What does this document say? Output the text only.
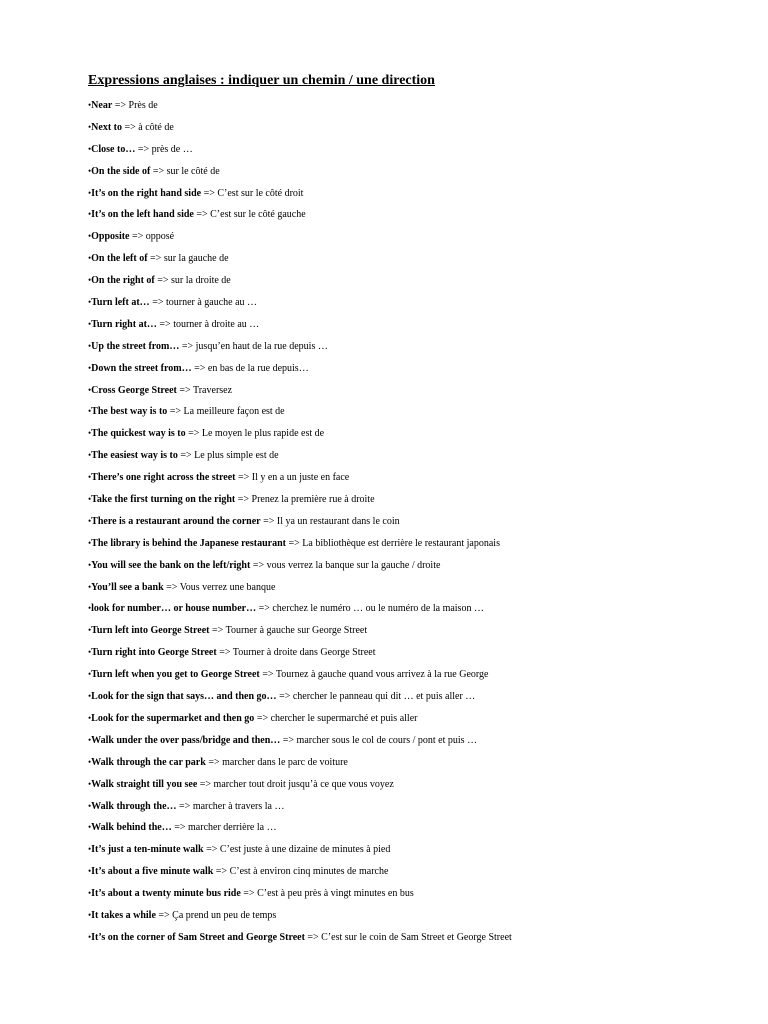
Expressions anglaises : indiquer un chemin / une direction
•Near => Près de
•Next to => à côté de
•Close to… => près de …
•On the side of => sur le côté de
•It’s on the right hand side => C’est sur le côté droit
•It’s on the left hand side => C’est sur le côté gauche
•Opposite => opposé
•On the left of => sur la gauche de
•On the right of => sur la droite de
•Turn left at… => tourner à gauche au …
•Turn right at… => tourner à droite au …
•Up the street from… => jusqu’en haut de la rue depuis …
•Down the street from… => en bas de la rue depuis…
•Cross George Street => Traversez
•The best way is to => La meilleure façon est de
•The quickest way is to => Le moyen le plus rapide est de
•The easiest way is to => Le plus simple est de
•There’s one right across the street => Il y en a un juste en face
•Take the first turning on the right => Prenez la première rue à droite
•There is a restaurant around the corner => Il ya un restaurant dans le coin
•The library is behind the Japanese restaurant => La bibliothèque est derrière le restaurant japonais
•You will see the bank on the left/right => vous verrez la banque sur la gauche / droite
•You’ll see a bank => Vous verrez une banque
•look for number… or house number… => cherchez le numéro … ou le numéro de la maison …
•Turn left into George Street => Tourner à gauche sur George Street
•Turn right into George Street => Tourner à droite dans George Street
•Turn left when you get to George Street => Tournez à gauche quand vous arrivez à la rue George
•Look for the sign that says… and then go… => chercher le panneau qui dit … et puis aller …
•Look for the supermarket and then go => chercher le supermarché et puis aller
•Walk under the over pass/bridge and then… => marcher sous le col de cours / pont et puis …
•Walk through the car park => marcher dans le parc de voiture
•Walk straight till you see => marcher tout droit jusqu’à ce que vous voyez
•Walk through the… => marcher à travers la …
•Walk behind the… => marcher derrière la …
•It’s just a ten-minute walk => C’est juste à une dizaine de minutes à pied
•It’s about a five minute walk => C’est à environ cinq minutes de marche
•It’s about a twenty minute bus ride => C’est à peu près à vingt minutes en bus
•It takes a while => Ça prend un peu de temps
•It’s on the corner of Sam Street and George Street => C’est sur le coin de Sam Street et George Street
